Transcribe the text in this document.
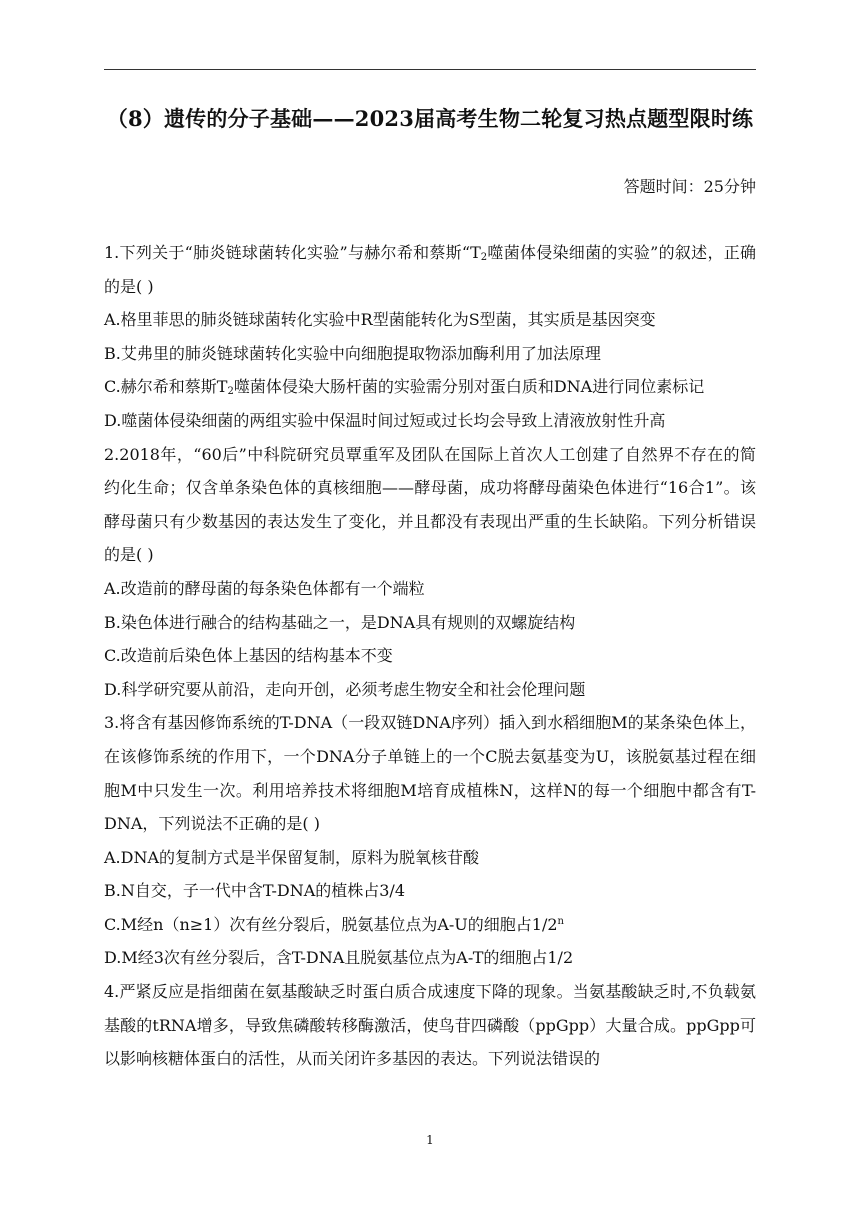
（8）遗传的分子基础——2023届高考生物二轮复习热点题型限时练
答题时间：25分钟

1.下列关于“肺炎链球菌转化实验”与赫尔希和蔡斯“$T_2$噬菌体侵染细菌的实验”的叙述，正确的是( )

A.格里菲思的肺炎链球菌转化实验中R型菌能转化为S型菌，其实质是基因突变

B.艾弗里的肺炎链球菌转化实验中向细胞提取物添加酶利用了加法原理

C.赫尔希和蔡斯$T_2$噬菌体侵染大肠杆菌的实验需分别对蛋白质和DNA进行同位素标记

D.噬菌体侵染细菌的两组实验中保温时间过短或过长均会导致上清液放射性升高

2.2018年，“60后”中科院研究员覃重军及团队在国际上首次人工创建了自然界不存在的简约化生命；仅含单条染色体的真核细胞——酵母菌，成功将酵母菌染色体进行“16合1”。该酵母菌只有少数基因的表达发生了变化，并且都没有表现出严重的生长缺陷。下列分析错误的是( )

A.改造前的酵母菌的每条染色体都有一个端粒

B.染色体进行融合的结构基础之一，是DNA具有规则的双螺旋结构

C.改造前后染色体上基因的结构基本不变

D.科学研究要从前沿，走向开创，必须考虑生物安全和社会伦理问题

3.将含有基因修饰系统的T-DNA（一段双链DNA序列）插入到水稻细胞M的某条染色体上，在该修饰系统的作用下，一个DNA分子单链上的一个C脱去氨基变为U，该脱氨基过程在细胞M中只发生一次。利用培养技术将细胞M培育成植株N，这样N的每一个细胞中都含有T-DNA，下列说法不正确的是( )

A.DNA的复制方式是半保留复制，原料为脱氧核苷酸

B.N自交，子一代中含T-DNA的植株占3/4

C.M经n（n≥1）次有丝分裂后，脱氨基位点为A-U的细胞占1/2$^n$

D.M经3次有丝分裂后，含T-DNA且脱氨基位点为A-T的细胞占1/2

4.严紧反应是指细菌在氨基酸缺乏时蛋白质合成速度下降的现象。当氨基酸缺乏时,不负载氨基酸的tRNA增多，导致焦磷酸转移酶激活，使鸟苷四磷酸（ppGpp）大量合成。ppGpp可以影响核糖体蛋白的活性，从而关闭许多基因的表达。下列说法错误的

1
